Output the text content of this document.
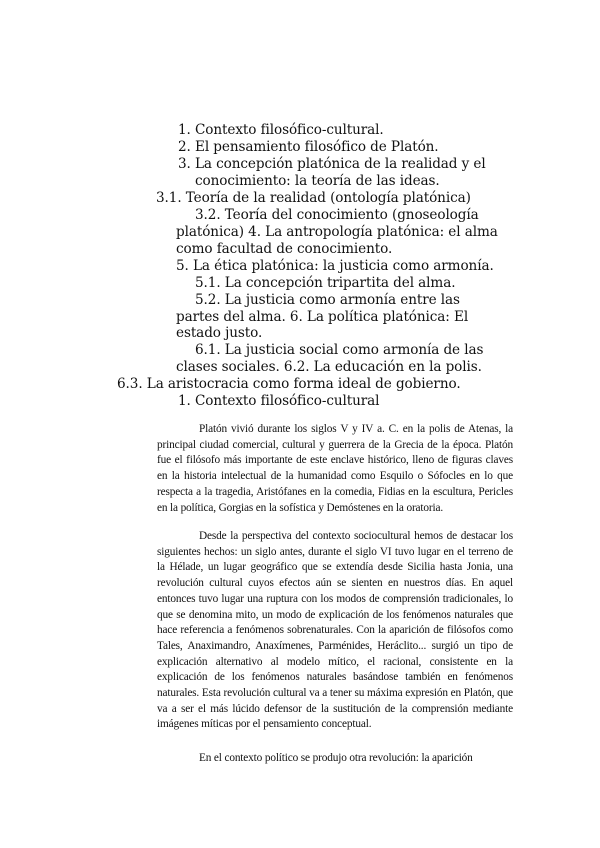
1. Contexto filosófico-cultural.
2. El pensamiento filosófico de Platón.
3. La concepción platónica de la realidad y el
conocimiento: la teoría de las ideas.
3.1. Teoría de la realidad (ontología platónica)
3.2. Teoría del conocimiento (gnoseología
platónica) 4. La antropología platónica: el alma
como facultad de conocimiento.
5. La ética platónica: la justicia como armonía.
5.1. La concepción tripartita del alma.
5.2. La justicia como armonía entre las
partes del alma. 6. La política platónica: El
estado justo.
6.1. La justicia social como armonía de las
clases sociales. 6.2. La educación en la polis.
6.3. La aristocracia como forma ideal de gobierno.
1. Contexto filosófico-cultural

Platón vivió durante los siglos V y IV a. C. en la polis de Atenas, la principal ciudad comercial, cultural y guerrera de la Grecia de la época. Platón fue el filósofo más importante de este enclave histórico, lleno de figuras claves en la historia intelectual de la humanidad como Esquilo o Sófocles en lo que respecta a la tragedia, Aristófanes en la comedia, Fidias en la escultura, Pericles en la política, Gorgias en la sofística y Demóstenes en la oratoria.

Desde la perspectiva del contexto sociocultural hemos de destacar los siguientes hechos: un siglo antes, durante el siglo VI tuvo lugar en el terreno de la Hélade, un lugar geográfico que se extendía desde Sicilia hasta Jonia, una revolución cultural cuyos efectos aún se sienten en nuestros días. En aquel entonces tuvo lugar una ruptura con los modos de comprensión tradicionales, lo que se denomina mito, un modo de explicación de los fenómenos naturales que hace referencia a fenómenos sobrenaturales. Con la aparición de filósofos como Tales, Anaximandro, Anaxímenes, Parménides, Heráclito... surgió un tipo de explicación alternativo al modelo mítico, el racional, consistente en la explicación de los fenómenos naturales basándose también en fenómenos naturales. Esta revolución cultural va a tener su máxima expresión en Platón, que va a ser el más lúcido defensor de la sustitución de la comprensión mediante imágenes míticas por el pensamiento conceptual.

En el contexto político se produjo otra revolución: la aparición
